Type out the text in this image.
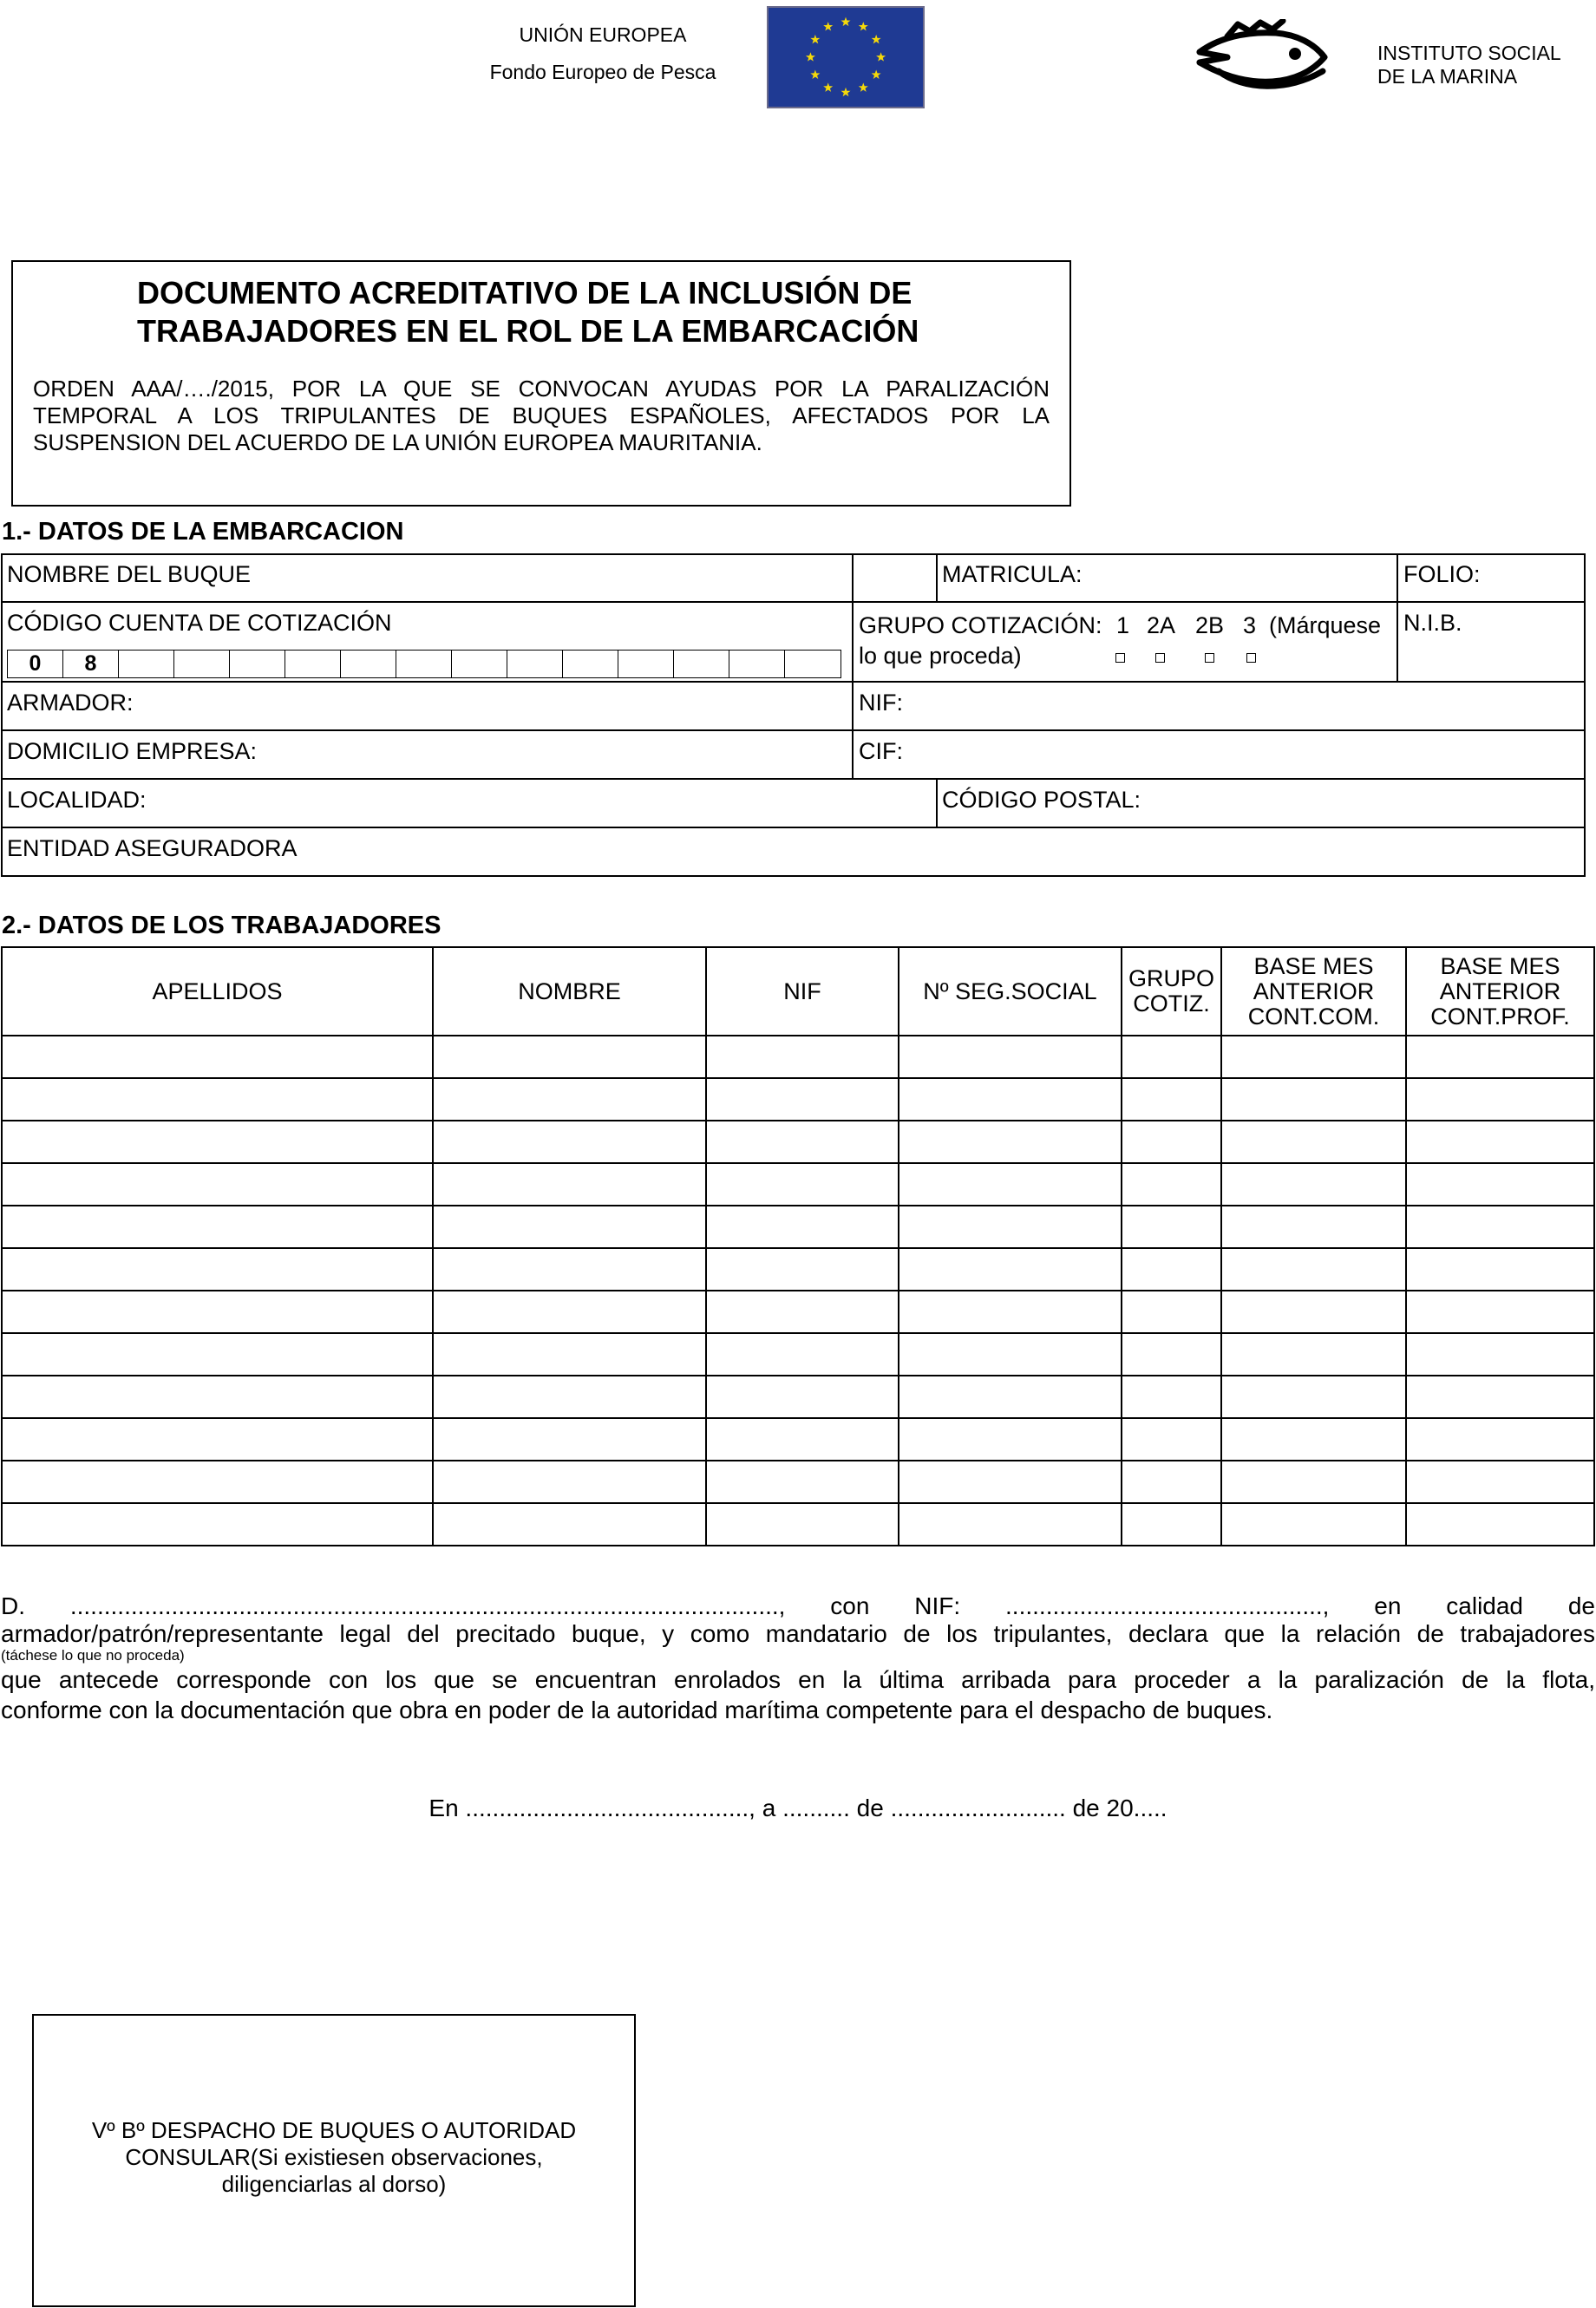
UNIÓN EUROPEA
Fondo Europeo de Pesca
INSTITUTO SOCIAL
DE LA MARINA
DOCUMENTO ACREDITATIVO DE LA INCLUSIÓN DE
TRABAJADORES EN EL ROL DE LA EMBARCACIÓN
ORDEN AAA/…./2015, POR LA QUE SE CONVOCAN AYUDAS POR LA PARALIZACIÓN
TEMPORAL A LOS TRIPULANTES DE BUQUES ESPAÑOLES, AFECTADOS POR LA
SUSPENSION DEL ACUERDO DE LA UNIÓN EUROPEA MAURITANIA.
1.- DATOS DE LA EMBARCACION
NOMBRE DEL BUQUE	MATRICULA:	FOLIO:
CÓDIGO CUENTA DE COTIZACIÓN
0	8
GRUPO COTIZACIÓN: 1 2A 2B 3 (Márquese
lo que proceda)
N.I.B.
ARMADOR:	NIF:
DOMICILIO EMPRESA:	CIF:
LOCALIDAD:	CÓDIGO POSTAL:
ENTIDAD ASEGURADORA
2.- DATOS DE LOS TRABAJADORES
APELLIDOS	NOMBRE	NIF	Nº SEG.SOCIAL	GRUPO COTIZ.	BASE MES ANTERIOR CONT.COM.	BASE MES ANTERIOR CONT.PROF.

D. ........................................................................................................., con NIF: ..............................................., en calidad de
armador/patrón/representante legal del precitado buque, y como mandatario de los tripulantes, declara que la relación de trabajadores
(táchese lo que no proceda)
que antecede corresponde con los que se encuentran enrolados en la última arribada para proceder a la paralización de la flota,
conforme con la documentación que obra en poder de la autoridad marítima competente para el despacho de buques.
En .........................................., a .......... de .......................... de 20.....
Vº Bº DESPACHO DE BUQUES O AUTORIDAD
CONSULAR(Si existiesen observaciones,
diligenciarlas al dorso)
